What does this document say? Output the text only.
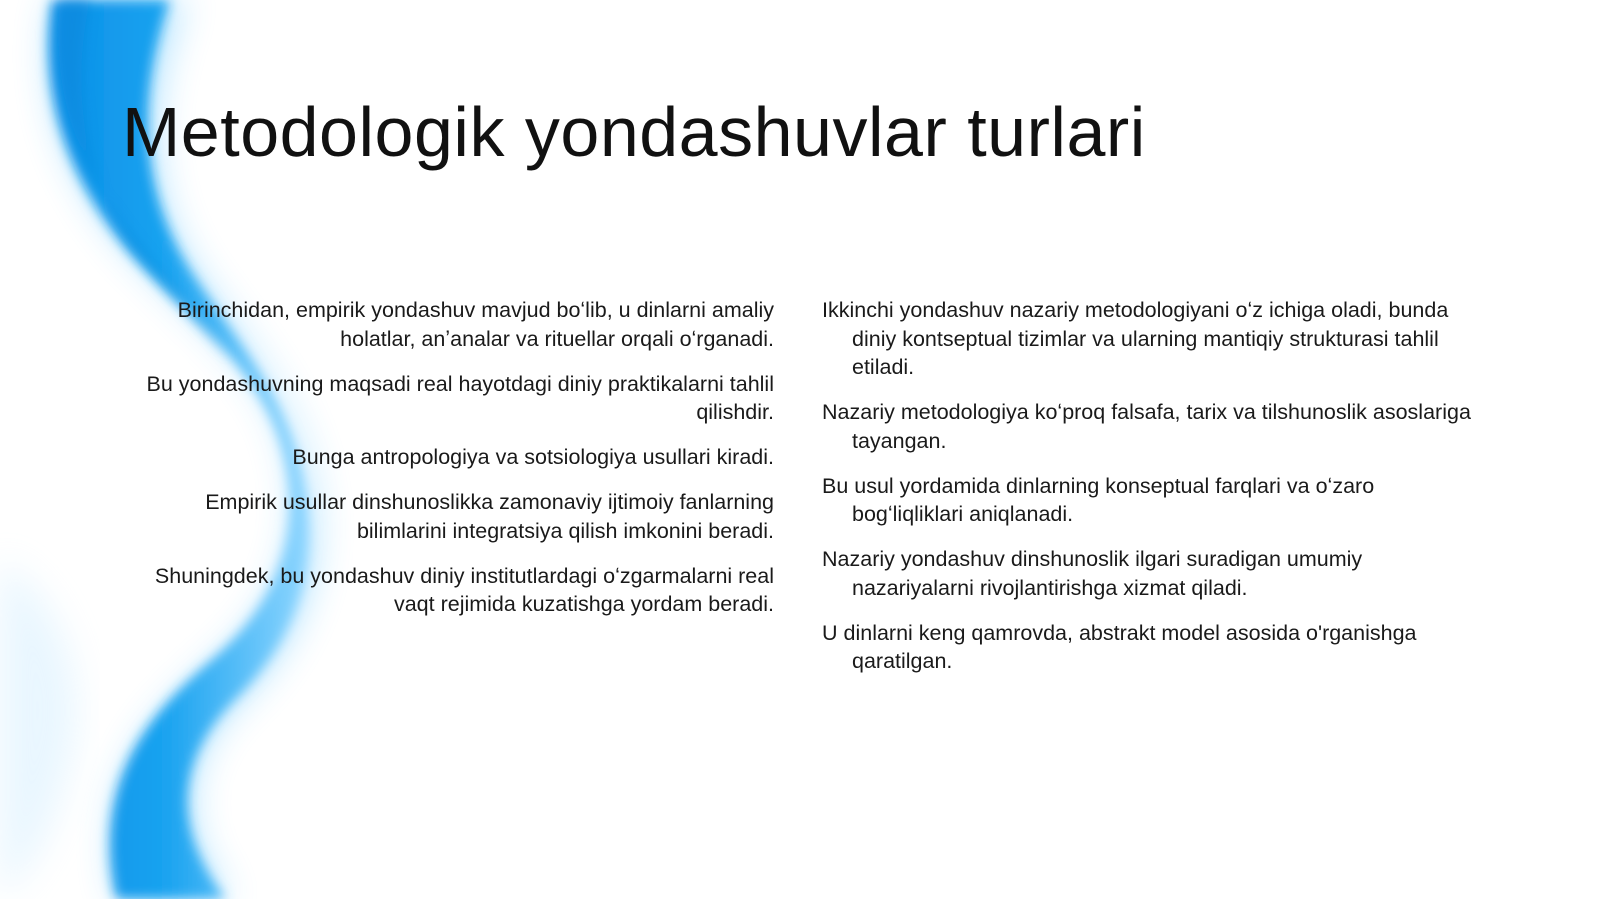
Metodologik yondashuvlar turlari

Birinchidan, empirik yondashuv mavjud boʻlib, u dinlarni amaliy holatlar, anʼanalar va rituellar orqali oʻrganadi.

Bu yondashuvning maqsadi real hayotdagi diniy praktikalarni tahlil qilishdir.

Bunga antropologiya va sotsiologiya usullari kiradi.

Empirik usullar dinshunoslikka zamonaviy ijtimoiy fanlarning bilimlarini integratsiya qilish imkonini beradi.

Shuningdek, bu yondashuv diniy institutlardagi oʻzgarmalarni real vaqt rejimida kuzatishga yordam beradi.

Ikkinchi yondashuv nazariy metodologiyani oʻz ichiga oladi, bunda diniy kontseptual tizimlar va ularning mantiqiy strukturasi tahlil etiladi.

Nazariy metodologiya koʻproq falsafa, tarix va tilshunoslik asoslariga tayangan.

Bu usul yordamida dinlarning konseptual farqlari va oʻzaro bogʻliqliklari aniqlanadi.

Nazariy yondashuv dinshunoslik ilgari suradigan umumiy nazariyalarni rivojlantirishga xizmat qiladi.

U dinlarni keng qamrovda, abstrakt model asosida o'rganishga qaratilgan.
